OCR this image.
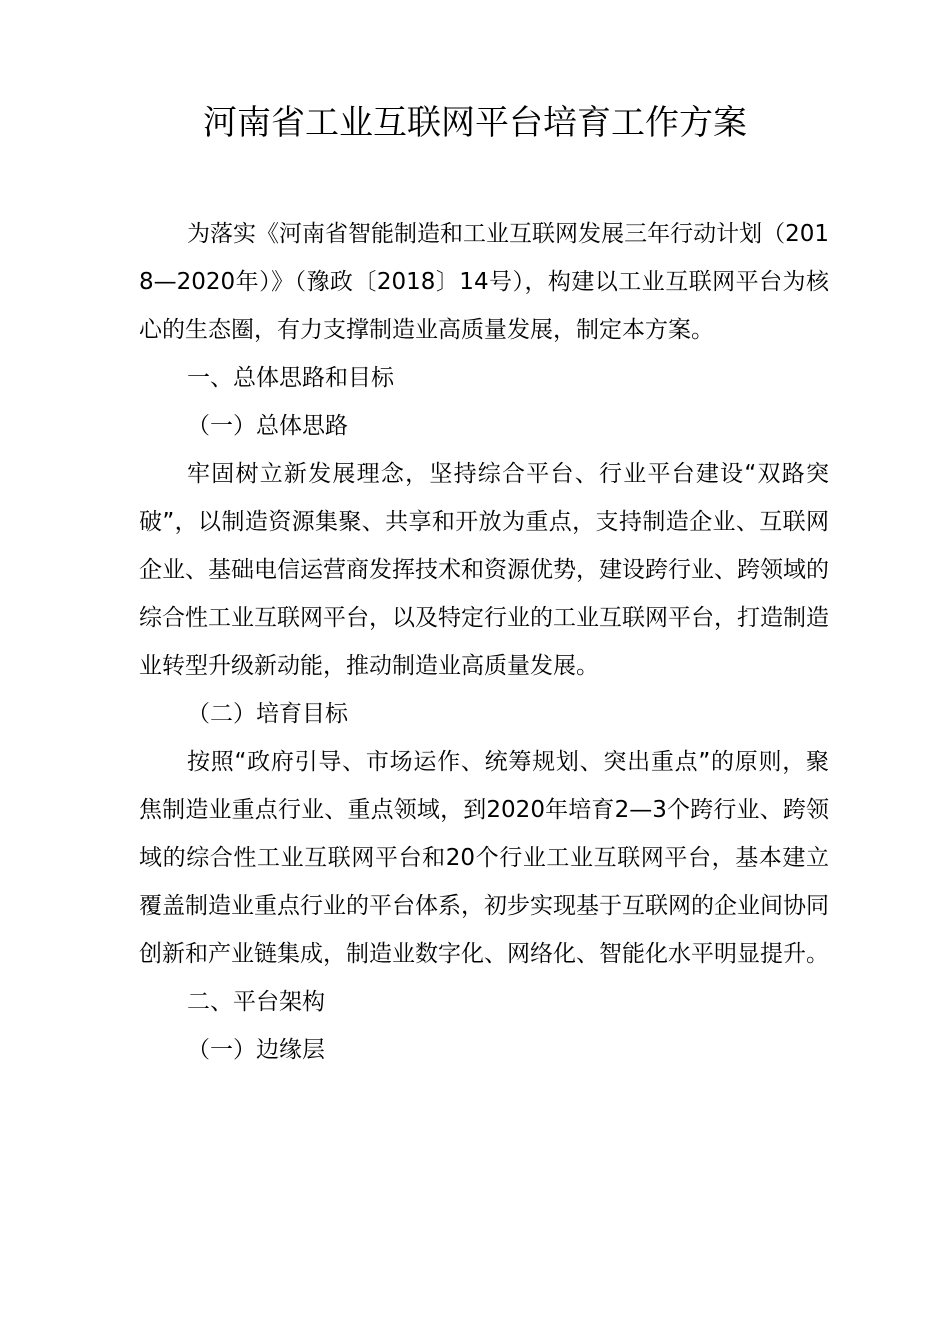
河南省工业互联网平台培育工作方案

为落实《河南省智能制造和工业互联网发展三年行动计划（2018—2020年）》（豫政〔2018〕14号），构建以工业互联网平台为核心的生态圈，有力支撑制造业高质量发展，制定本方案。

一、总体思路和目标

（一）总体思路

牢固树立新发展理念，坚持综合平台、行业平台建设“双路突破”，以制造资源集聚、共享和开放为重点，支持制造企业、互联网企业、基础电信运营商发挥技术和资源优势，建设跨行业、跨领域的综合性工业互联网平台，以及特定行业的工业互联网平台，打造制造业转型升级新动能，推动制造业高质量发展。

（二）培育目标

按照“政府引导、市场运作、统筹规划、突出重点”的原则，聚焦制造业重点行业、重点领域，到2020年培育2—3个跨行业、跨领域的综合性工业互联网平台和20个行业工业互联网平台，基本建立覆盖制造业重点行业的平台体系，初步实现基于互联网的企业间协同创新和产业链集成，制造业数字化、网络化、智能化水平明显提升。

二、平台架构

（一）边缘层
